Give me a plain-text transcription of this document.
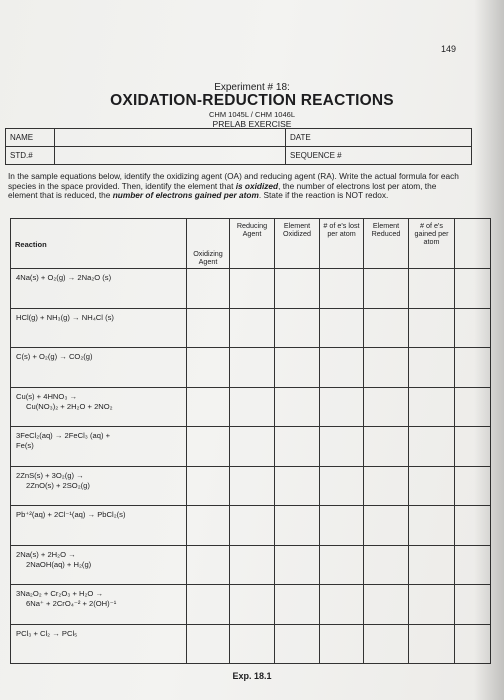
149
Experiment # 18:
OXIDATION-REDUCTION REACTIONS
CHM 1045L / CHM 1046L
PRELAB EXERCISE
NAME		DATE
STD.#		SEQUENCE #
In the sample equations below, identify the oxidizing agent (OA) and reducing agent (RA). Write the actual formula for each species in the space provided. Then, identify the element that is oxidized, the number of electrons lost per atom, the element that is reduced, the number of electrons gained per atom. State if the reaction is NOT redox.
Reaction	Oxidizing Agent	Reducing Agent	Element Oxidized	# of e's lost per atom	Element Reduced	# of e's gained per atom	
4Na(s) + O₂(g) → 2Na₂O (s)							
HCl(g) + NH₃(g) → NH₄Cl (s)							
C(s) + O₂(g) → CO₂(g)							

Cu(s) + 4HNO₃ →
Cu(NO₃)₂ + 2H₂O + 2NO₂							

3FeCl₂(aq) → 2FeCl₃ (aq) +
Fe(s)							

2ZnS(s) + 3O₂(g) →
2ZnO(s) + 2SO₂(g)							

Pb⁺²(aq) + 2Cl⁻¹(aq) → PbCl₂(s)							

2Na(s) + 2H₂O →
2NaOH(aq) + H₂(g)							

3Na₂O₂ + Cr₂O₃ + H₂O →
6Na⁺ + 2CrO₄⁻² + 2(OH)⁻¹							

PCl₃ + Cl₂ → PCl₅							
Exp. 18.1
